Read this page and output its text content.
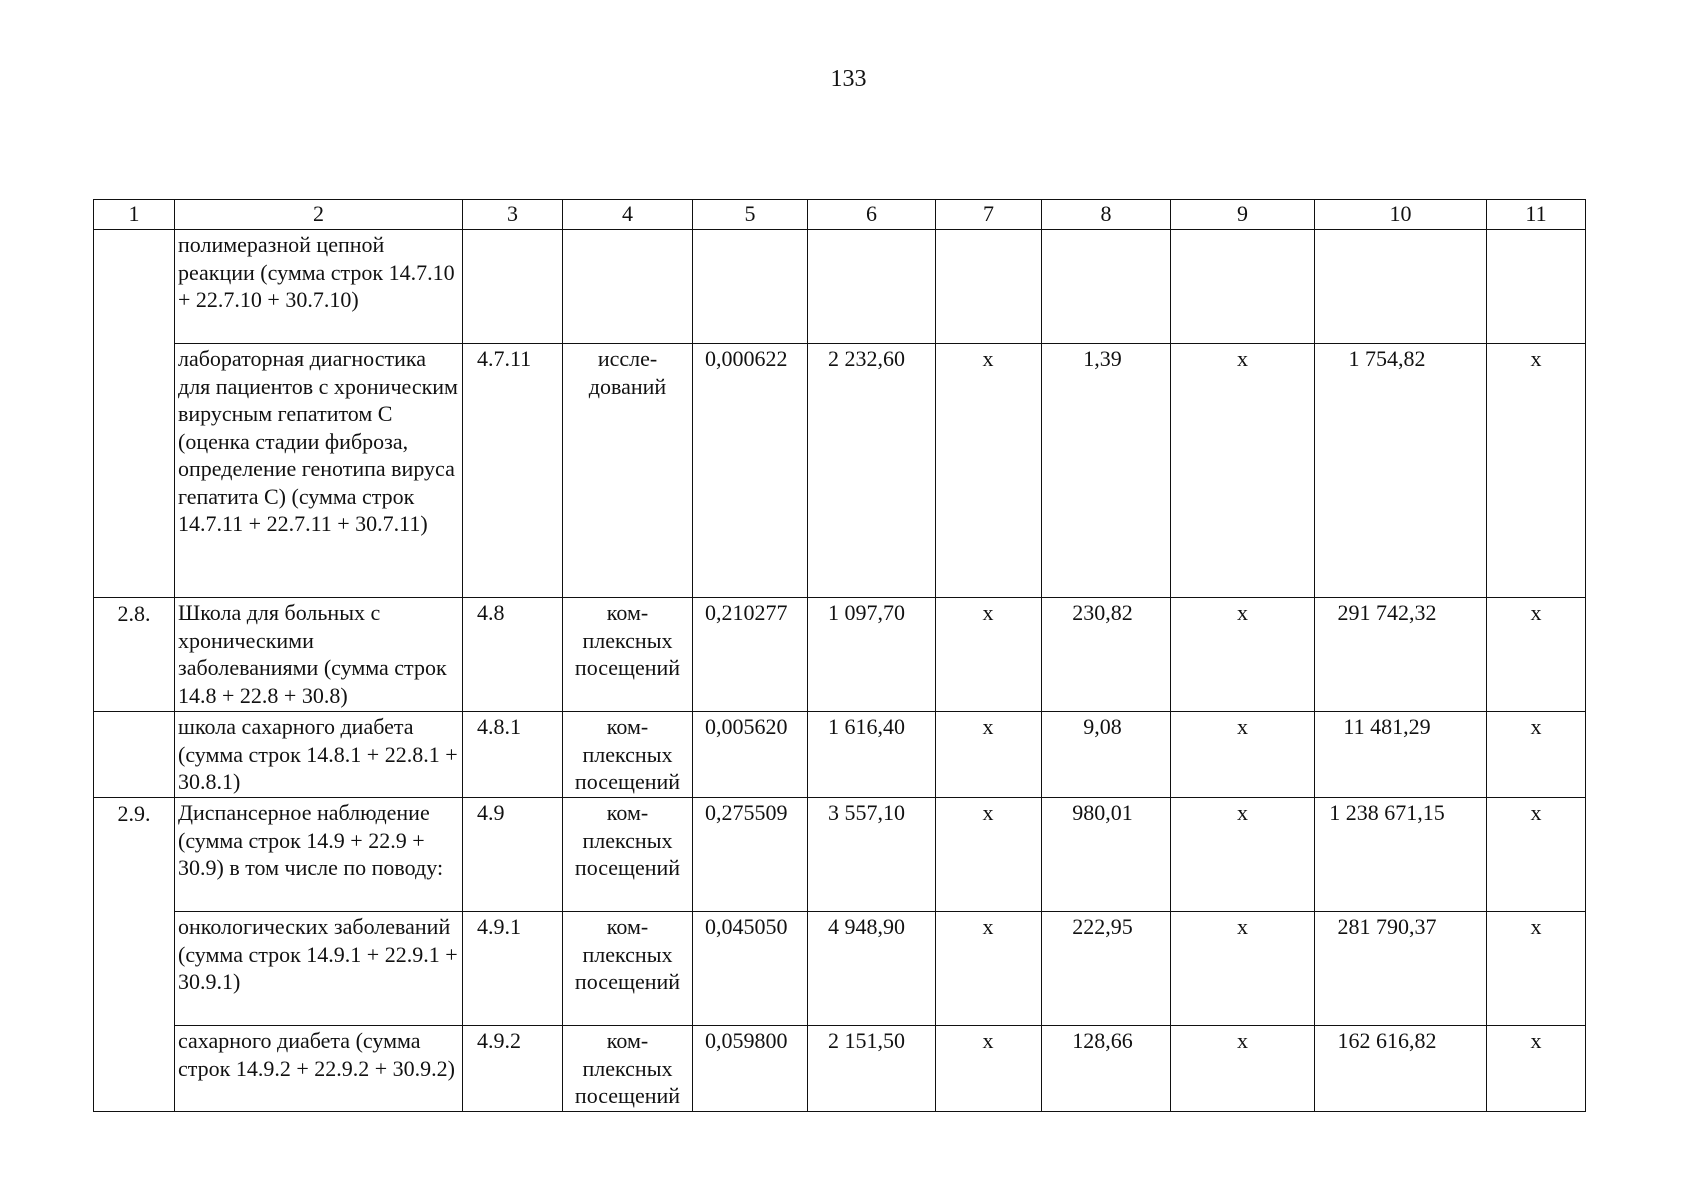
133
1	2	3	4	5	6	7	8	9	10	11
	полимеразной цепной реакции (сумма строк 14.7.10 + 22.7.10 + 30.7.10)									
	лабораторная диагностика для пациентов с хроническим вирусным гепатитом С (оценка стадии фиброза, определение генотипа вируса гепатита С) (сумма строк 14.7.11 + 22.7.11 + 30.7.11)	4.7.11	иссле-дований	0,000622	2 232,60	х	1,39	х	1 754,82	х
2.8.	Школа для больных с хроническими заболеваниями (сумма строк 14.8 + 22.8 + 30.8)	4.8	ком-плексных посещений	0,210277	1 097,70	х	230,82	х	291 742,32	х
	школа сахарного диабета (сумма строк 14.8.1 + 22.8.1 + 30.8.1)	4.8.1	ком-плексных посещений	0,005620	1 616,40	х	9,08	х	11 481,29	х
2.9.	Диспансерное наблюдение (сумма строк 14.9 + 22.9 + 30.9) в том числе по поводу:	4.9	ком-плексных посещений	0,275509	3 557,10	х	980,01	х	1 238 671,15	х
	онкологических заболеваний (сумма строк 14.9.1 + 22.9.1 + 30.9.1)	4.9.1	ком-плексных посещений	0,045050	4 948,90	х	222,95	х	281 790,37	х
	сахарного диабета (сумма строк 14.9.2 + 22.9.2 + 30.9.2)	4.9.2	ком-плексных посещений	0,059800	2 151,50	х	128,66	х	162 616,82	х
